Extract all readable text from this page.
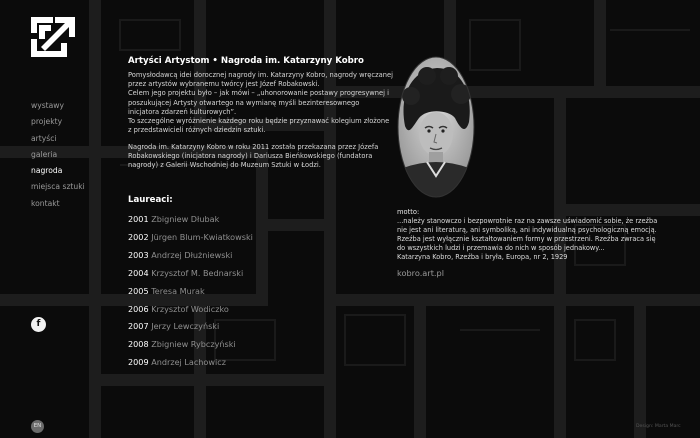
wystawy
projekty
artyści
galeria
nagroda
miejsca sztuki
kontakt
f
EN
Artyści Artystom • Nagroda im. Katarzyny Kobro

Pomysłodawcą idei dorocznej nagrody im. Katarzyny Kobro, nagrody wręczanej

przez artystów wybranemu twórcy jest Józef Robakowski.

Celem jego projektu było – jak mówi – „uhonorowanie postawy progresywnej i

poszukującej Artysty otwartego na wymianę myśli bezinteresownego

inicjatora zdarzeń kulturowych”.

To szczególne wyróżnienie każdego roku będzie przyznawać kolegium złożone

z przedstawicieli różnych dziedzin sztuki.

Nagroda im. Katarzyny Kobro w roku 2011 została przekazana przez Józefa

Robakowskiego (inicjatora nagrody) i Dariusza Bieńkowskiego (fundatora

nagrody) z Galerii Wschodniej do Muzeum Sztuki w Łodzi.

Laureaci:
2001 Zbigniew Dłubak
2002 Jürgen Blum-Kwiatkowski
2003 Andrzej Dłużniewski
2004 Krzysztof M. Bednarski
2005 Teresa Murak
2006 Krzysztof Wodiczko
2007 Jerzy Lewczyński
2008 Zbigniew Rybczyński
2009 Andrzej Lachowicz
motto:

...należy stanowczo i bezpowrotnie raz na zawsze uświadomić sobie, że rzeźba

nie jest ani literaturą, ani symboliką, ani indywidualną psychologiczną emocją.

Rzeźba jest wyłącznie kształtowaniem formy w przestrzeni. Rzeźba zwraca się

do wszystkich ludzi i przemawia do nich w sposób jednakowy...

Katarzyna Kobro, Rzeźba i bryła, Europa, nr 2, 1929

kobro.art.pl
Design: Marta Marc
